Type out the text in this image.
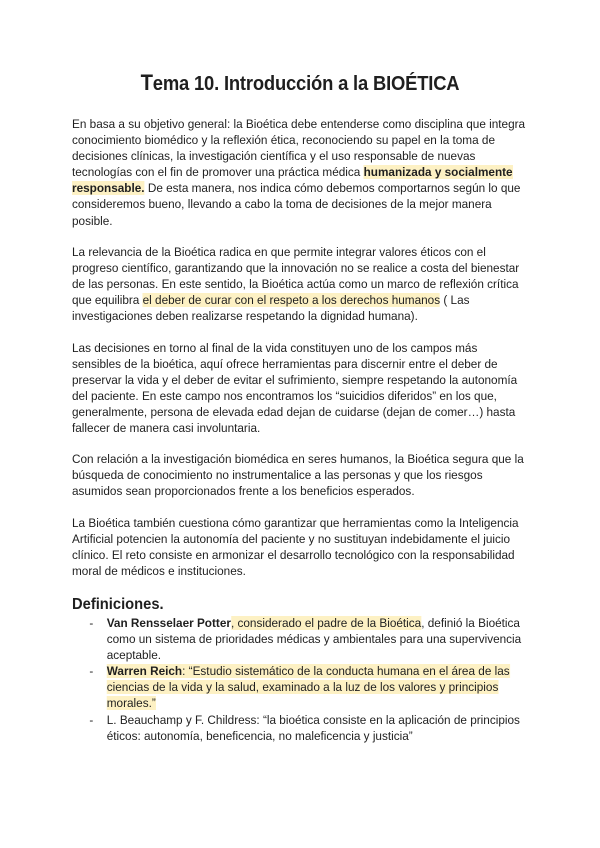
Tema 10. Introducción a la BIOÉTICA

En basa a su objetivo general: la Bioética debe entenderse como disciplina que integra conocimiento biomédico y la reflexión ética, reconociendo su papel en la toma de decisiones clínicas, la investigación científica y el uso responsable de nuevas tecnologías con el fin de promover una práctica médica humanizada y socialmente responsable. De esta manera, nos indica cómo debemos comportarnos según lo que consideremos bueno, llevando a cabo la toma de decisiones de la mejor manera posible.

La relevancia de la Bioética radica en que permite integrar valores éticos con el progreso científico, garantizando que la innovación no se realice a costa del bienestar de las personas. En este sentido, la Bioética actúa como un marco de reflexión crítica que equilibra el deber de curar con el respeto a los derechos humanos ( Las investigaciones deben realizarse respetando la dignidad humana).

Las decisiones en torno al final de la vida constituyen uno de los campos más sensibles de la bioética, aquí ofrece herramientas para discernir entre el deber de preservar la vida y el deber de evitar el sufrimiento, siempre respetando la autonomía del paciente. En este campo nos encontramos los “suicidios diferidos” en los que, generalmente, persona de elevada edad dejan de cuidarse (dejan de comer…) hasta fallecer de manera casi involuntaria.

Con relación a la investigación biomédica en seres humanos, la Bioética segura que la búsqueda de conocimiento no instrumentalice a las personas y que los riesgos asumidos sean proporcionados frente a los beneficios esperados.

La Bioética también cuestiona cómo garantizar que herramientas como la Inteligencia Artificial potencien la autonomía del paciente y no sustituyan indebidamente el juicio clínico. El reto consiste en armonizar el desarrollo tecnológico con la responsabilidad moral de médicos e instituciones.

Definiciones.
- Van Rensselaer Potter, considerado el padre de la Bioética, definió la Bioética como un sistema de prioridades médicas y ambientales para una supervivencia aceptable.
- Warren Reich: “Estudio sistemático de la conducta humana en el área de las ciencias de la vida y la salud, examinado a la luz de los valores y principios morales.”
- L. Beauchamp y F. Childress: “la bioética consiste en la aplicación de principios éticos: autonomía, beneficencia, no maleficencia y justicia”
